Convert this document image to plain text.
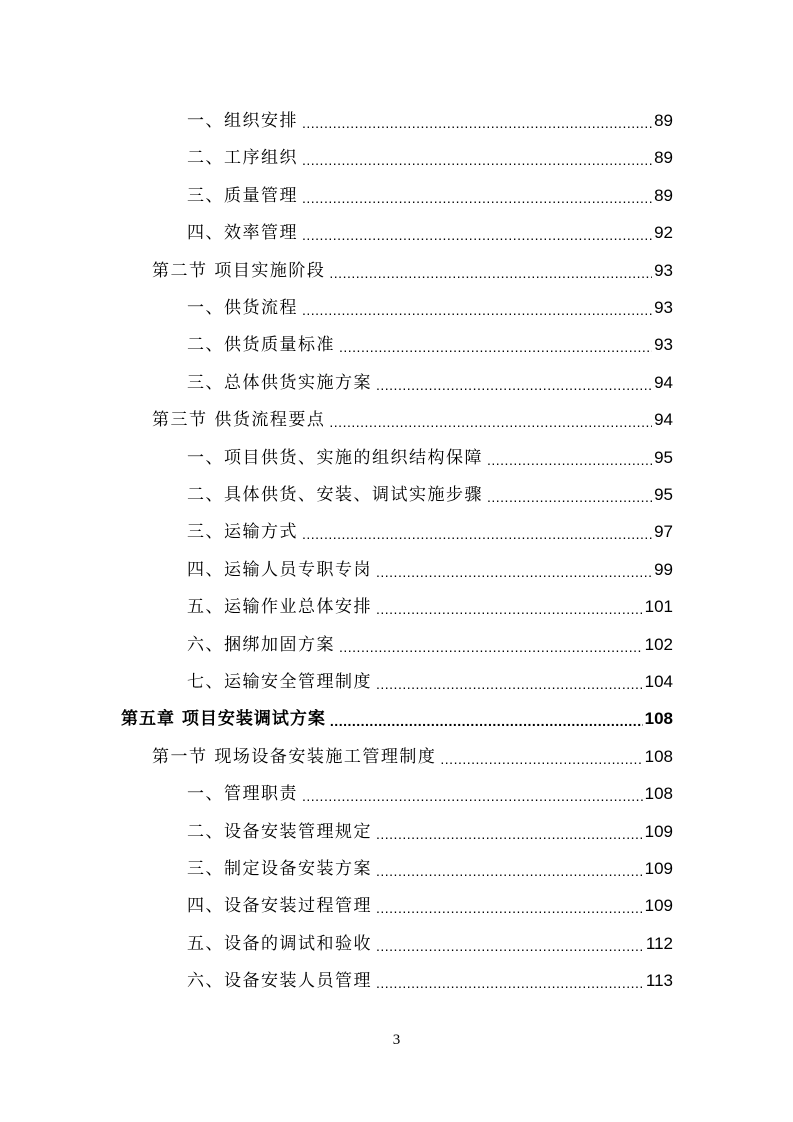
一、组织安排 .....	89
二、工序组织 .....	89
三、质量管理 .....	89
四、效率管理 .....	92
第二节 项目实施阶段 .....	93
一、供货流程 .....	93
二、供货质量标准 .....	93
三、总体供货实施方案 .....	94
第三节 供货流程要点 .....	94
一、项目供货、实施的组织结构保障 .....	95
二、具体供货、安装、调试实施步骤 .....	95
三、运输方式 .....	97
四、运输人员专职专岗 .....	99
五、运输作业总体安排 .....	101
六、捆绑加固方案 .....	102
七、运输安全管理制度 .....	104
第五章 项目安装调试方案 .....	108
第一节 现场设备安装施工管理制度 .....	108
一、管理职责 .....	108
二、设备安装管理规定 .....	109
三、制定设备安装方案 .....	109
四、设备安装过程管理 .....	109
五、设备的调试和验收 .....	112
六、设备安装人员管理 .....	113
3
